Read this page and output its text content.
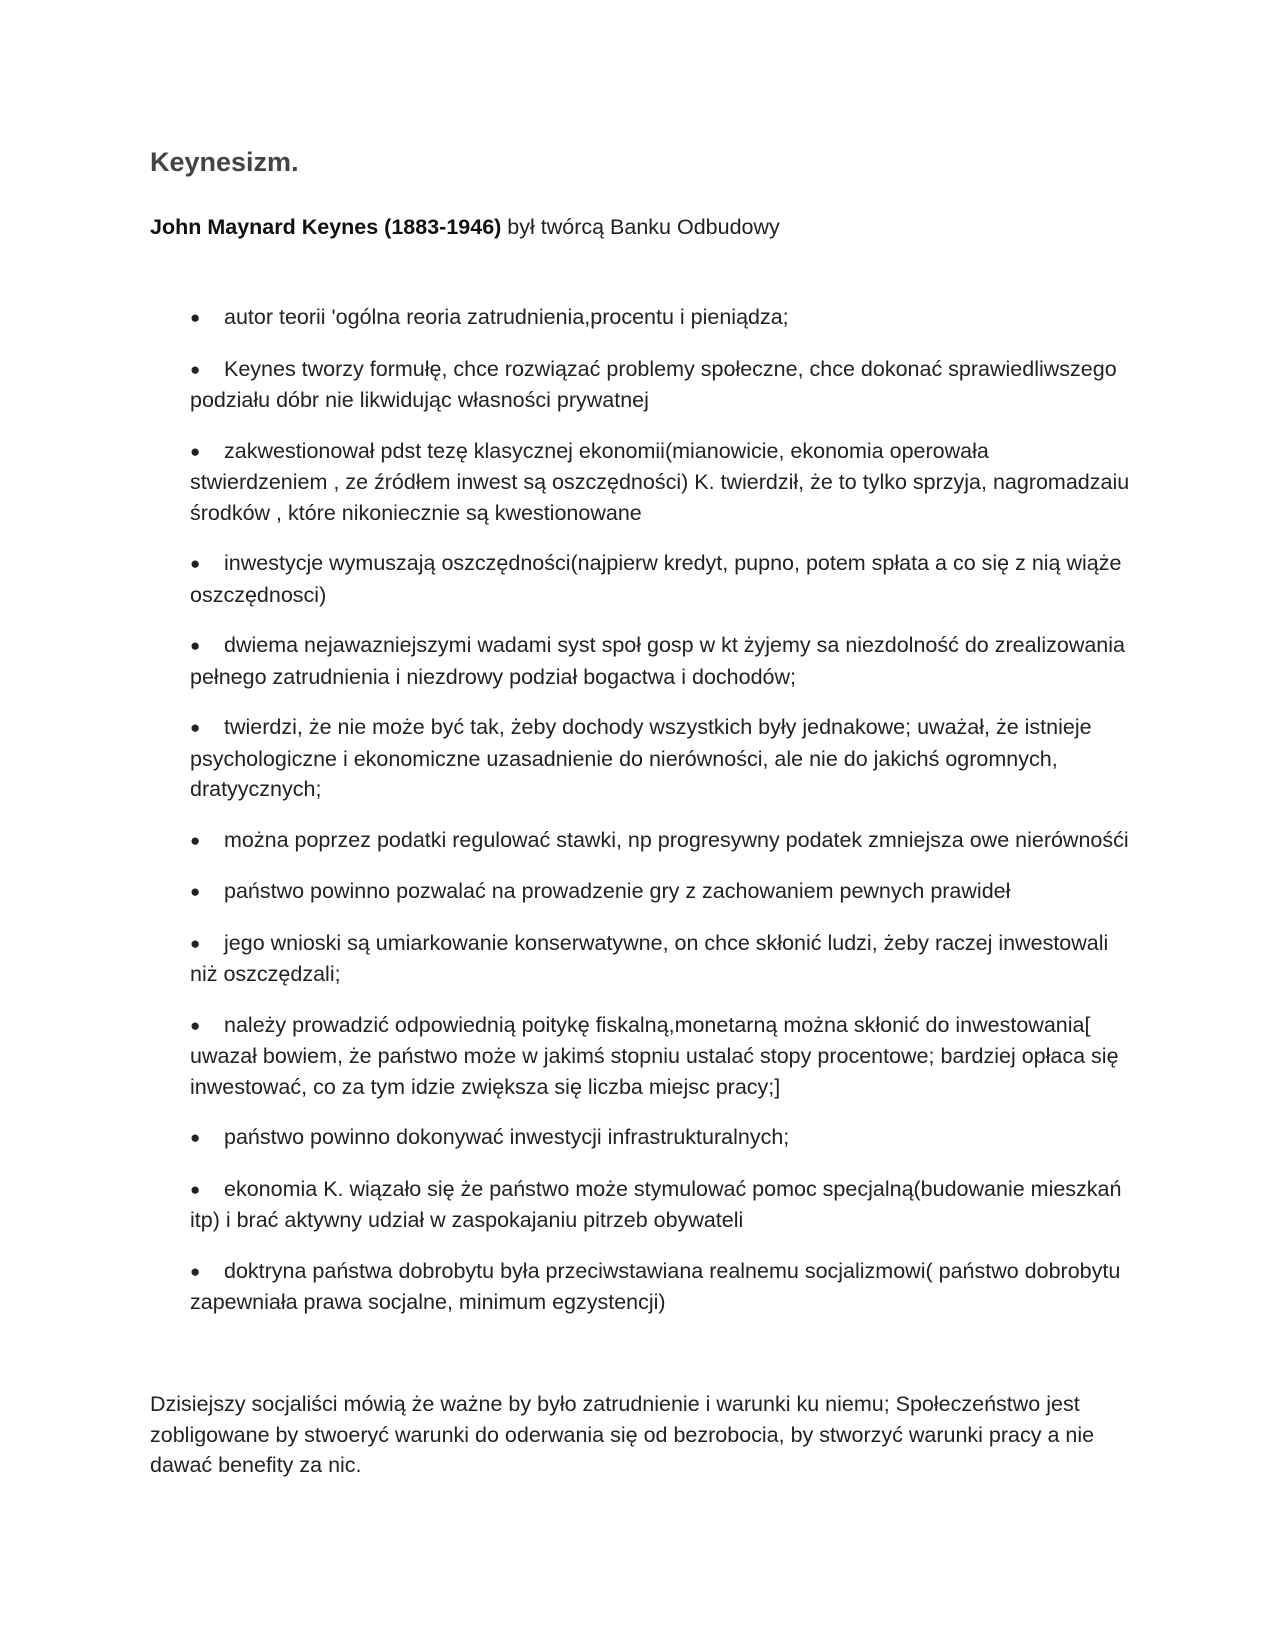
Keynesizm.

John Maynard Keynes (1883-1946) był twórcą Banku Odbudowy

● autor teorii 'ogólna reoria zatrudnienia,procentu i pieniądza;
● Keynes tworzy formułę, chce rozwiązać problemy społeczne, chce dokonać sprawiedliwszego podziału dóbr nie likwidując własności prywatnej
● zakwestionował pdst tezę klasycznej ekonomii(mianowicie, ekonomia operowała stwierdzeniem , ze źródłem inwest są oszczędności) K. twierdził, że to tylko sprzyja, nagromadzaiu środków , które nikoniecznie są kwestionowane
● inwestycje wymuszają oszczędności(najpierw kredyt, pupno, potem spłata a co się z nią wiąże oszczędnosci)
● dwiema nejawazniejszymi wadami syst społ gosp w kt żyjemy sa niezdolność do zrealizowania pełnego zatrudnienia i niezdrowy podział bogactwa i dochodów;
● twierdzi, że nie może być tak, żeby dochody wszystkich były jednakowe; uważał, że istnieje psychologiczne i ekonomiczne uzasadnienie do nierówności, ale nie do jakichś ogromnych, dratyycznych;
● można poprzez podatki regulować stawki, np progresywny podatek zmniejsza owe nierównośći
● państwo powinno pozwalać na prowadzenie gry z zachowaniem pewnych prawideł
● jego wnioski są umiarkowanie konserwatywne, on chce skłonić ludzi, żeby raczej inwestowali niż oszczędzali;
● należy prowadzić odpowiednią poitykę fiskalną,monetarną można skłonić do inwestowania[ uwazał bowiem, że państwo może w jakimś stopniu ustalać stopy procentowe; bardziej opłaca się inwestować, co za tym idzie zwiększa się liczba miejsc pracy;]
● państwo powinno dokonywać inwestycji infrastrukturalnych;
● ekonomia K. wiązało się że państwo może stymulować pomoc specjalną(budowanie mieszkań itp) i brać aktywny udział w zaspokajaniu pitrzeb obywateli
● doktryna państwa dobrobytu była przeciwstawiana realnemu socjalizmowi( państwo dobrobytu zapewniała prawa socjalne, minimum egzystencji)

Dzisiejszy socjaliści mówią że ważne by było zatrudnienie i warunki ku niemu; Społeczeństwo jest zobligowane by stwoeryć warunki do oderwania się od bezrobocia, by stworzyć warunki pracy a nie dawać benefity za nic.
